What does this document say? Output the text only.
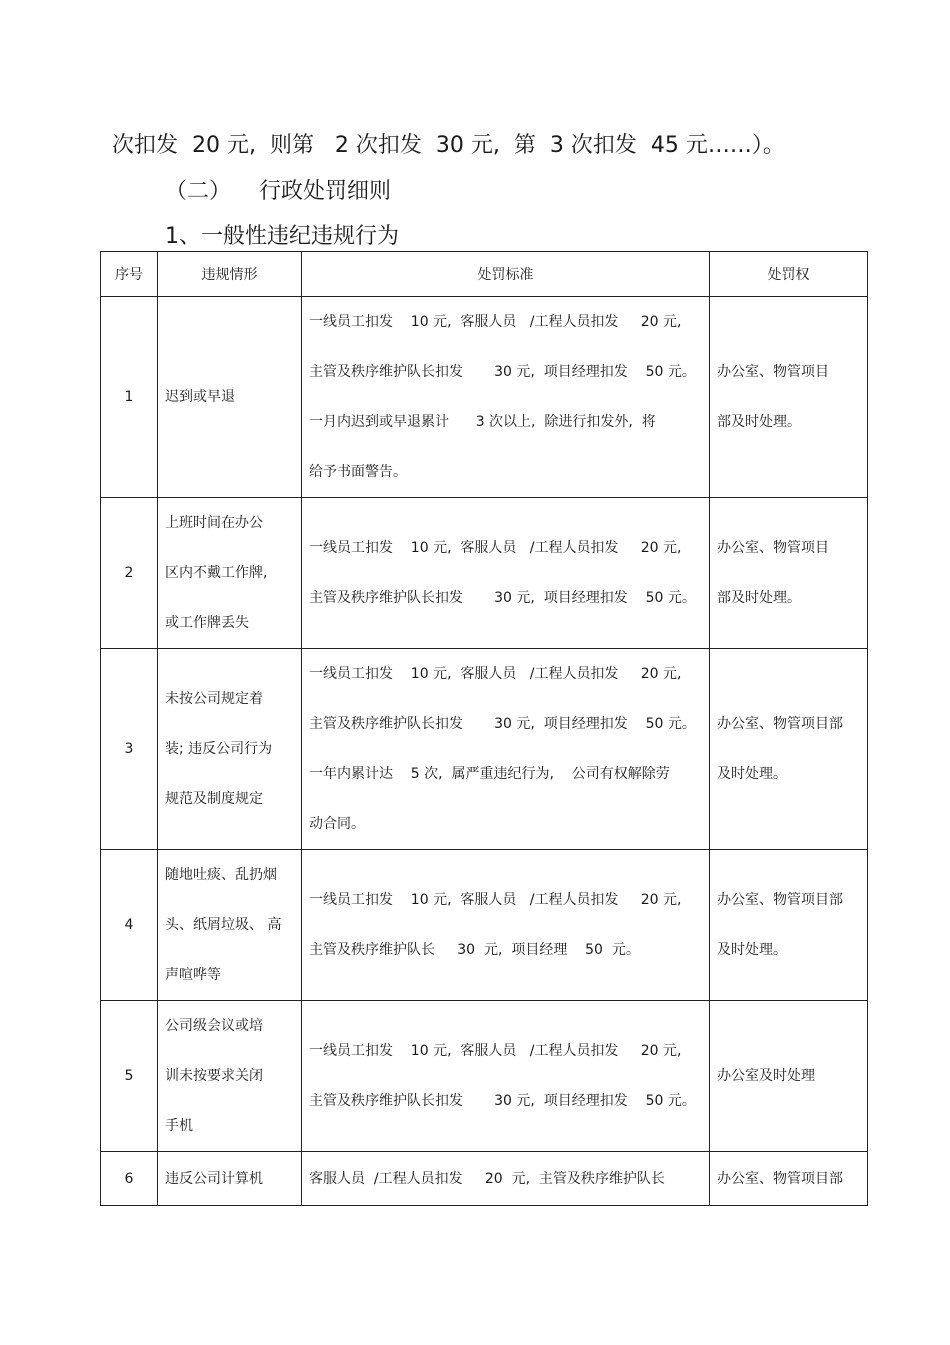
次扣发  20 元,  则第   2 次扣发  30 元,  第  3 次扣发  45 元……）。
（二）    行政处罚细则
1、一般性违纪违规行为
序号	违规情形	处罚标准	处罚权
1	迟到或早退	一线员工扣发    10 元,  客服人员   /工程人员扣发     20 元,
主管及秩序维护队长扣发       30 元,  项目经理扣发    50 元。
一月内迟到或早退累计      3 次以上,  除进行扣发外,  将
给予书面警告。	办公室、物管项目
部及时处理。

2	上班时间在办公
区内不戴工作牌,
或工作牌丢失	一线员工扣发    10 元,  客服人员   /工程人员扣发     20 元,
主管及秩序维护队长扣发       30 元,  项目经理扣发    50 元。	办公室、物管项目
部及时处理。

3	未按公司规定着
装; 违反公司行为
规范及制度规定	一线员工扣发    10 元,  客服人员   /工程人员扣发     20 元,
主管及秩序维护队长扣发       30 元,  项目经理扣发    50 元。
一年内累计达    5 次,  属严重违纪行为,    公司有权解除劳
动合同。	办公室、物管项目部
及时处理。

4	随地吐痰、乱扔烟
头、纸屑垃圾、 高
声喧哗等	一线员工扣发    10 元,  客服人员   /工程人员扣发     20 元,
主管及秩序维护队长     30  元,  项目经理    50  元。	办公室、物管项目部
及时处理。

5	公司级会议或培
训未按要求关闭
手机	一线员工扣发    10 元,  客服人员   /工程人员扣发     20 元,
主管及秩序维护队长扣发       30 元,  项目经理扣发    50 元。	办公室及时处理

6	违反公司计算机	客服人员  /工程人员扣发     20  元,  主管及秩序维护队长	办公室、物管项目部
